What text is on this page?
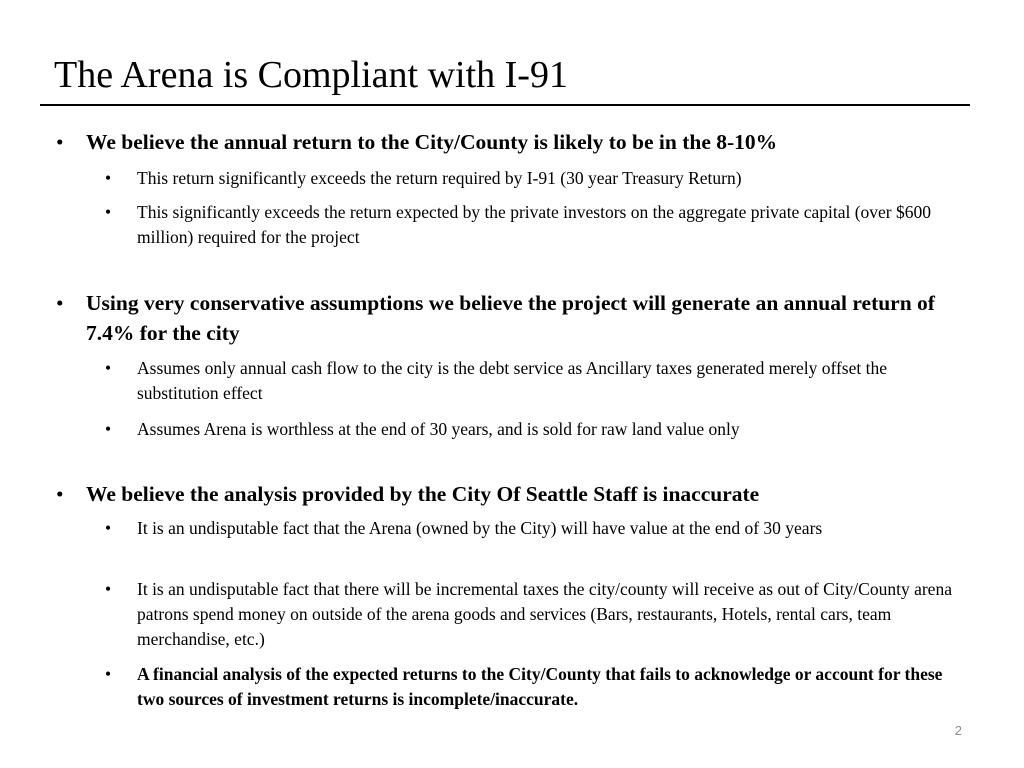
The Arena is Compliant with I-91
• We believe the annual return to the City/County is likely to be in the 8-10%
• This return significantly exceeds the return required by I-91 (30 year Treasury Return)
• This significantly exceeds the return expected by the private investors on the aggregate private capital (over $600 million) required for the project
• Using very conservative assumptions we believe the project will generate an annual return of 7.4% for the city
• Assumes only annual cash flow to the city is the debt service as Ancillary taxes generated merely offset the substitution effect
• Assumes Arena is worthless at the end of 30 years, and is sold for raw land value only
• We believe the analysis provided by the City Of Seattle Staff is inaccurate
• It is an undisputable fact that the Arena (owned by the City) will have value at the end of 30 years
• It is an undisputable fact that there will be incremental taxes the city/county will receive as out of City/County arena patrons spend money on outside of the arena goods and services (Bars, restaurants, Hotels, rental cars, team merchandise, etc.)
• A financial analysis of the expected returns to the City/County that fails to acknowledge or account for these two sources of investment returns is incomplete/inaccurate.
2
